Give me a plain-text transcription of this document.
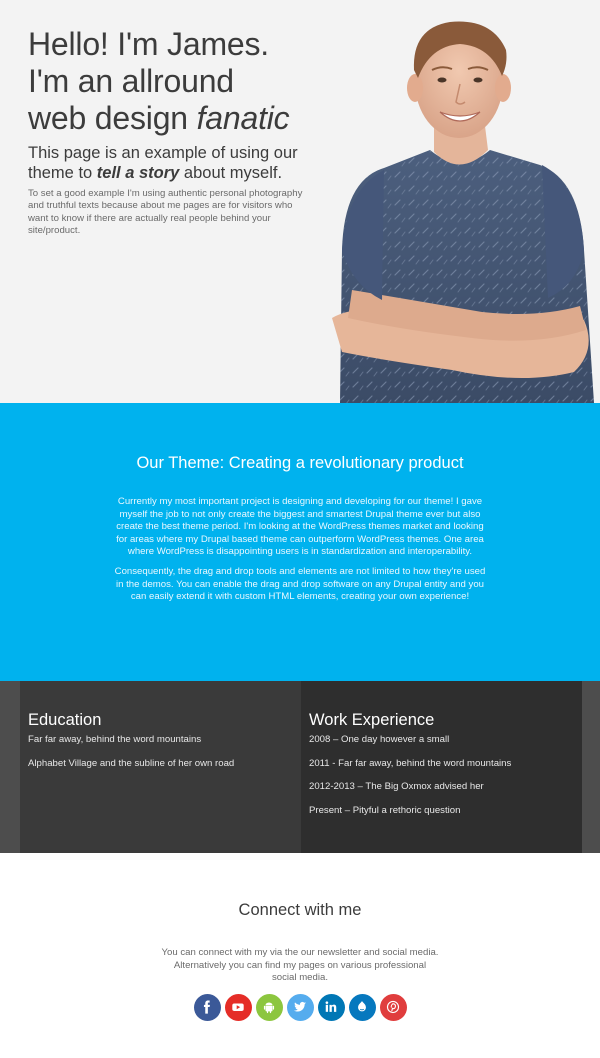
Hello! I'm James.
I'm an allround
web design fanatic
This page is an example of using our
theme to tell a story about myself.

To set a good example I'm using authentic personal photography
and truthful texts because about me pages are for visitors who
want to know if there are actually real people behind your
site/product.

Our Theme: Creating a revolutionary product

Currently my most important project is designing and developing for our theme! I gave
myself the job to not only create the biggest and smartest Drupal theme ever but also
create the best theme period. I'm looking at the WordPress themes market and looking
for areas where my Drupal based theme can outperform WordPress themes. One area
where WordPress is disappointing users is in standardization and interoperability.

Consequently, the drag and drop tools and elements are not limited to how they're used
in the demos. You can enable the drag and drop software on any Drupal entity and you
can easily extend it with custom HTML elements, creating your own experience!

Education
Far far away, behind the word mountains
Alphabet Village and the subline of her own road
Work Experience
2008 – One day however a small
2011 - Far far away, behind the word mountains
2012-2013 – The Big Oxmox advised her
Present – Pityful a rethoric question
Connect with me

You can connect with my via the our newsletter and social media.
Alternatively you can find my pages on various professional
social media.
